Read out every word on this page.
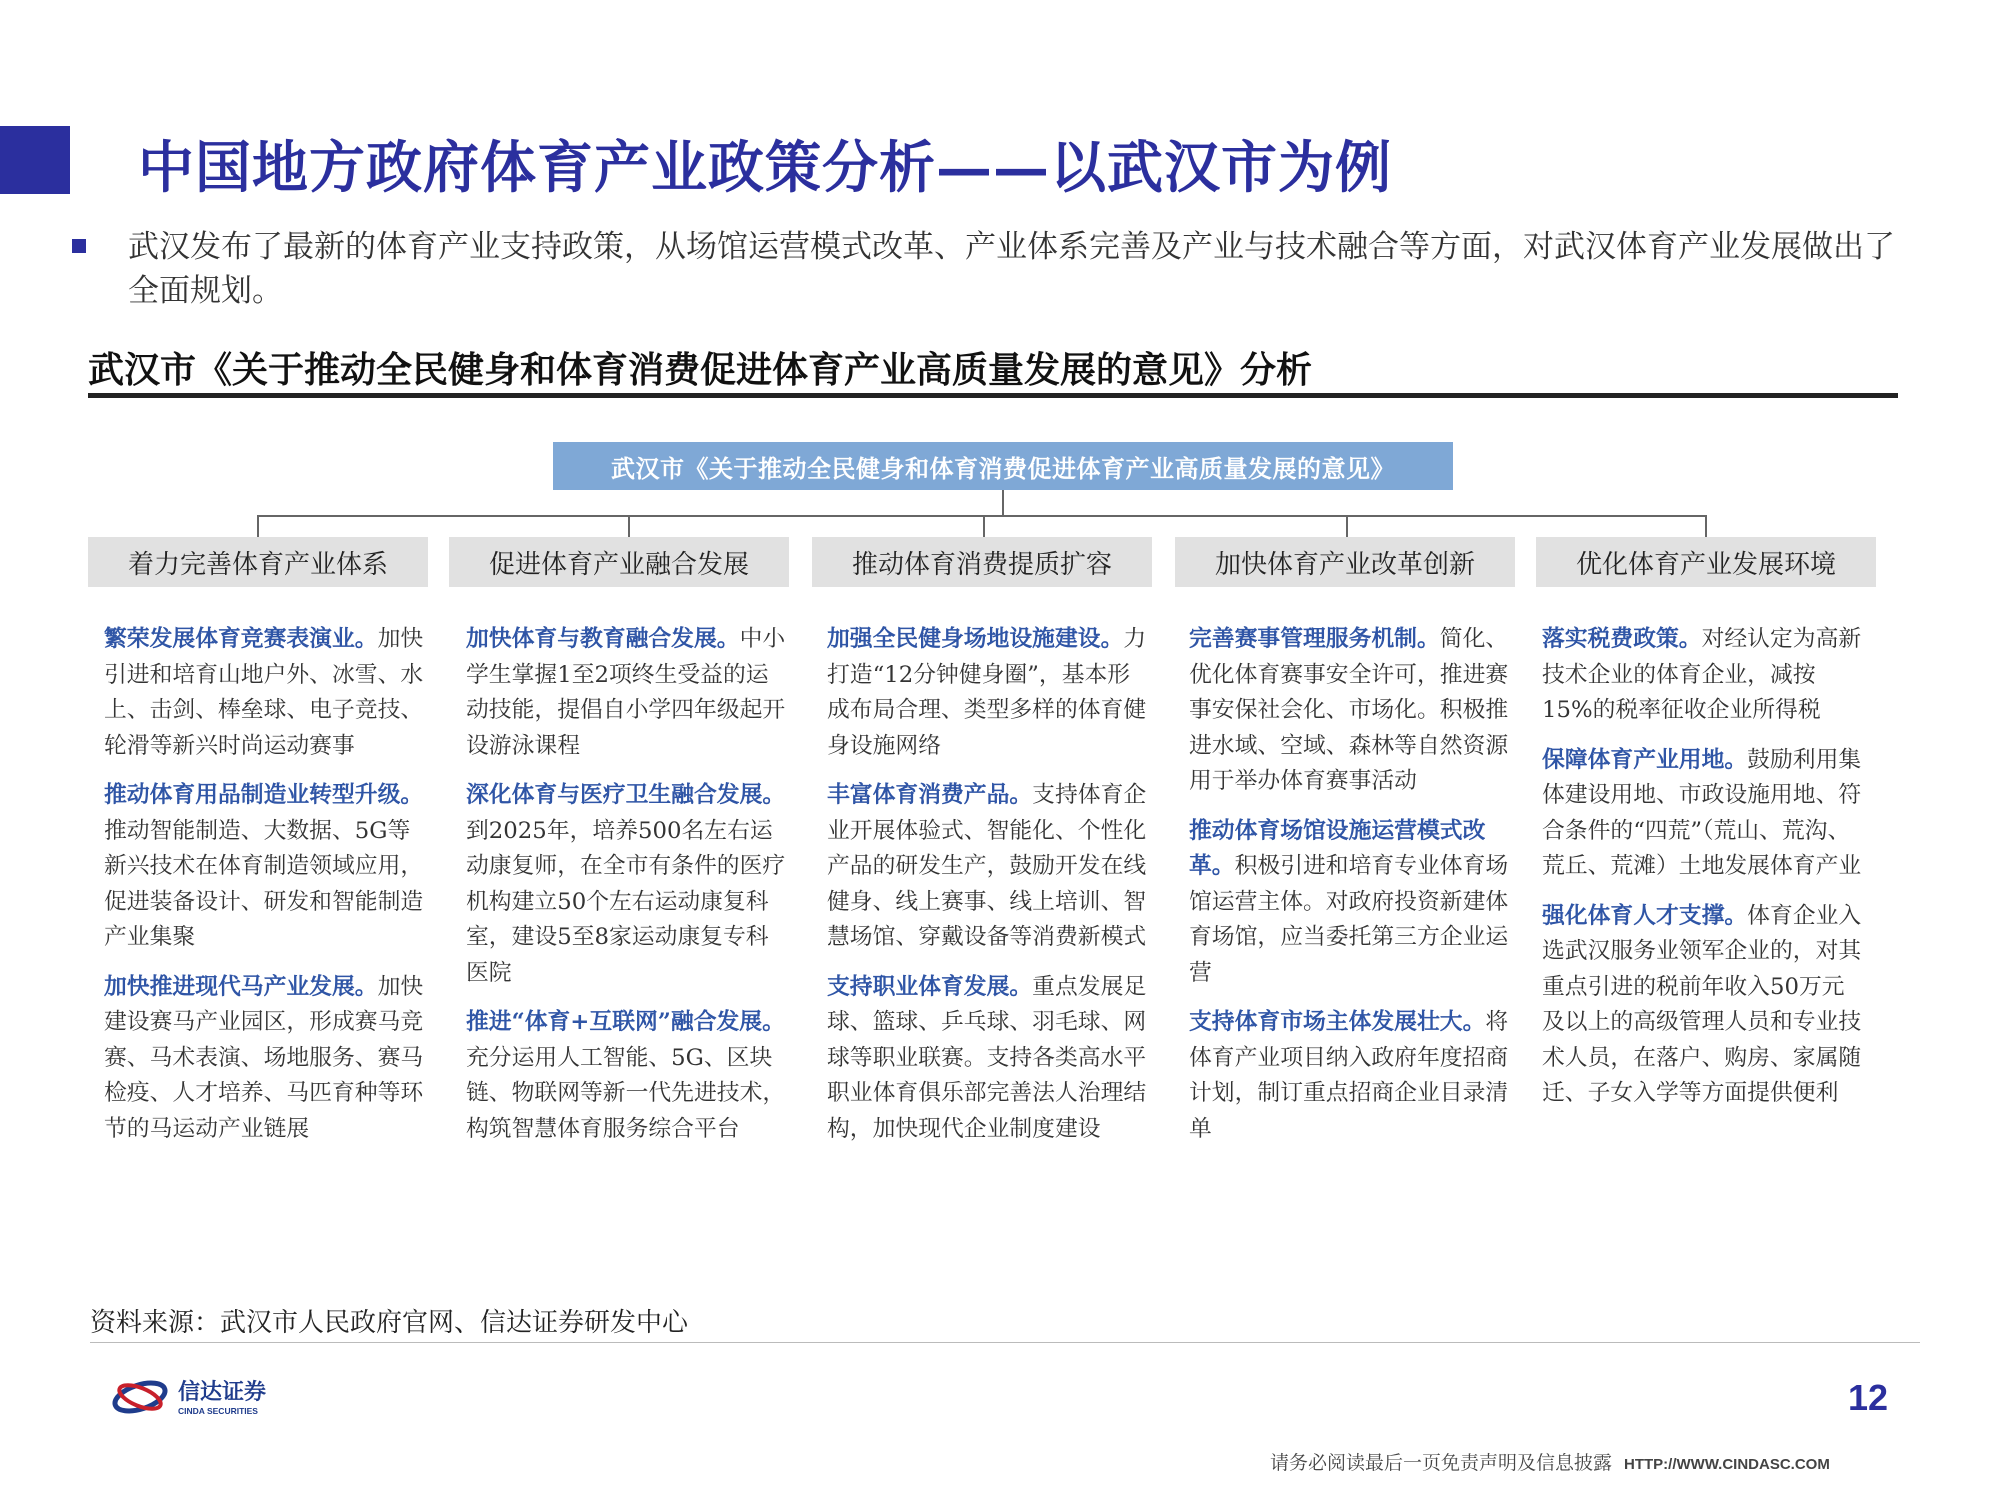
中国地方政府体育产业政策分析——以武汉市为例
武汉发布了最新的体育产业支持政策，从场馆运营模式改革、产业体系完善及产业与技术融合等方面，对武汉体育产业发展做出了全面规划。
武汉市《关于推动全民健身和体育消费促进体育产业高质量发展的意见》分析
武汉市《关于推动全民健身和体育消费促进体育产业高质量发展的意见》
着力完善体育产业体系	促进体育产业融合发展	推动体育消费提质扩容	加快体育产业改革创新	优化体育产业发展环境

繁荣发展体育竞赛表演业。加快引进和培育山地户外、冰雪、水上、击剑、棒垒球、电子竞技、轮滑等新兴时尚运动赛事

推动体育用品制造业转型升级。推动智能制造、大数据、5G等新兴技术在体育制造领域应用，促进装备设计、研发和智能制造产业集聚

加快推进现代马产业发展。加快建设赛马产业园区，形成赛马竞赛、马术表演、场地服务、赛马检疫、人才培养、马匹育种等环节的马运动产业链展

加快体育与教育融合发展。中小学生掌握1至2项终生受益的运动技能，提倡自小学四年级起开设游泳课程

深化体育与医疗卫生融合发展。到2025年，培养500名左右运动康复师，在全市有条件的医疗机构建立50个左右运动康复科室，建设5至8家运动康复专科医院

推进“体育+互联网”融合发展。充分运用人工智能、5G、区块链、物联网等新一代先进技术，构筑智慧体育服务综合平台

加强全民健身场地设施建设。力打造“12分钟健身圈”，基本形成布局合理、类型多样的体育健身设施网络

丰富体育消费产品。支持体育企业开展体验式、智能化、个性化产品的研发生产，鼓励开发在线健身、线上赛事、线上培训、智慧场馆、穿戴设备等消费新模式

支持职业体育发展。重点发展足球、篮球、乒乓球、羽毛球、网球等职业联赛。支持各类高水平职业体育俱乐部完善法人治理结构，加快现代企业制度建设

完善赛事管理服务机制。简化、优化体育赛事安全许可，推进赛事安保社会化、市场化。积极推进水域、空域、森林等自然资源用于举办体育赛事活动

推动体育场馆设施运营模式改革。积极引进和培育专业体育场馆运营主体。对政府投资新建体育场馆，应当委托第三方企业运营

支持体育市场主体发展壮大。将体育产业项目纳入政府年度招商计划，制订重点招商企业目录清单

落实税费政策。对经认定为高新技术企业的体育企业，减按15%的税率征收企业所得税

保障体育产业用地。鼓励利用集体建设用地、市政设施用地、符合条件的“四荒”（荒山、荒沟、荒丘、荒滩）土地发展体育产业

强化体育人才支撑。体育企业入选武汉服务业领军企业的，对其重点引进的税前年收入50万元及以上的高级管理人员和专业技术人员，在落户、购房、家属随迁、子女入学等方面提供便利

资料来源：武汉市人民政府官网、信达证券研发中心
信达证券
CINDA SECURITIES	12
请务必阅读最后一页免责声明及信息披露 HTTP://WWW.CINDASC.COM
